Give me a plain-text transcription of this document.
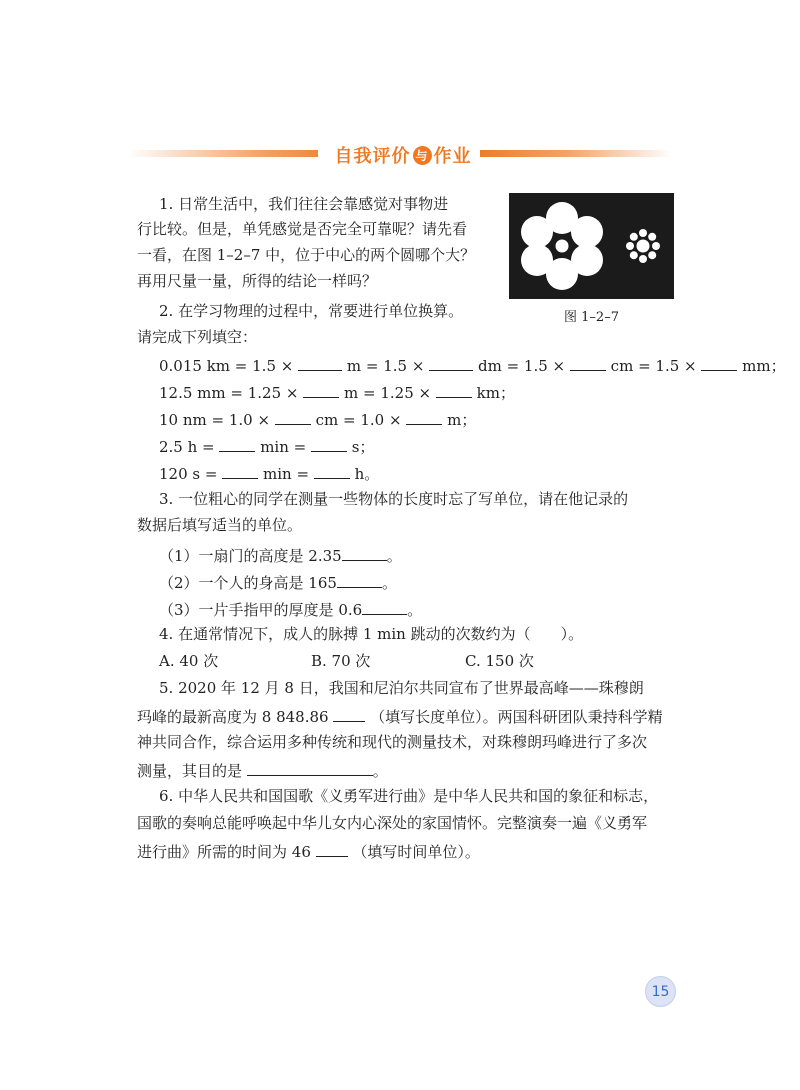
自我评价 与 作业
图 1–2–7
1. 日常生活中，我们往往会靠感觉对事物进
行比较。但是，单凭感觉是否完全可靠呢？请先看
一看，在图 1–2–7 中，位于中心的两个圆哪个大？
再用尺量一量，所得的结论一样吗？
2. 在学习物理的过程中，常要进行单位换算。
请完成下列填空：
0.015 km = 1.5 ×	m = 1.5 ×	dm = 1.5 ×	cm = 1.5 ×	mm；
12.5 mm = 1.25 ×	m = 1.25 ×	km；
10 nm = 1.0 ×	cm = 1.0 ×	m；
2.5 h =	min =	s；
120 s =	min =	h。
3. 一位粗心的同学在测量一些物体的长度时忘了写单位，请在他记录的
数据后填写适当的单位。
（1）一扇门的高度是 2.35	。
（2）一个人的身高是 165	。
（3）一片手指甲的厚度是 0.6	。
4. 在通常情况下，成人的脉搏 1 min 跳动的次数约为（　　）。
A. 40 次	B. 70 次	C. 150 次
5. 2020 年 12 月 8 日，我国和尼泊尔共同宣布了世界最高峰——珠穆朗
玛峰的最新高度为 8 848.86	（填写长度单位）。两国科研团队秉持科学精
神共同合作，综合运用多种传统和现代的测量技术，对珠穆朗玛峰进行了多次
测量，其目的是	。
6. 中华人民共和国国歌《义勇军进行曲》是中华人民共和国的象征和标志，
国歌的奏响总能呼唤起中华儿女内心深处的家国情怀。完整演奏一遍《义勇军
进行曲》所需的时间为 46	（填写时间单位）。
15
